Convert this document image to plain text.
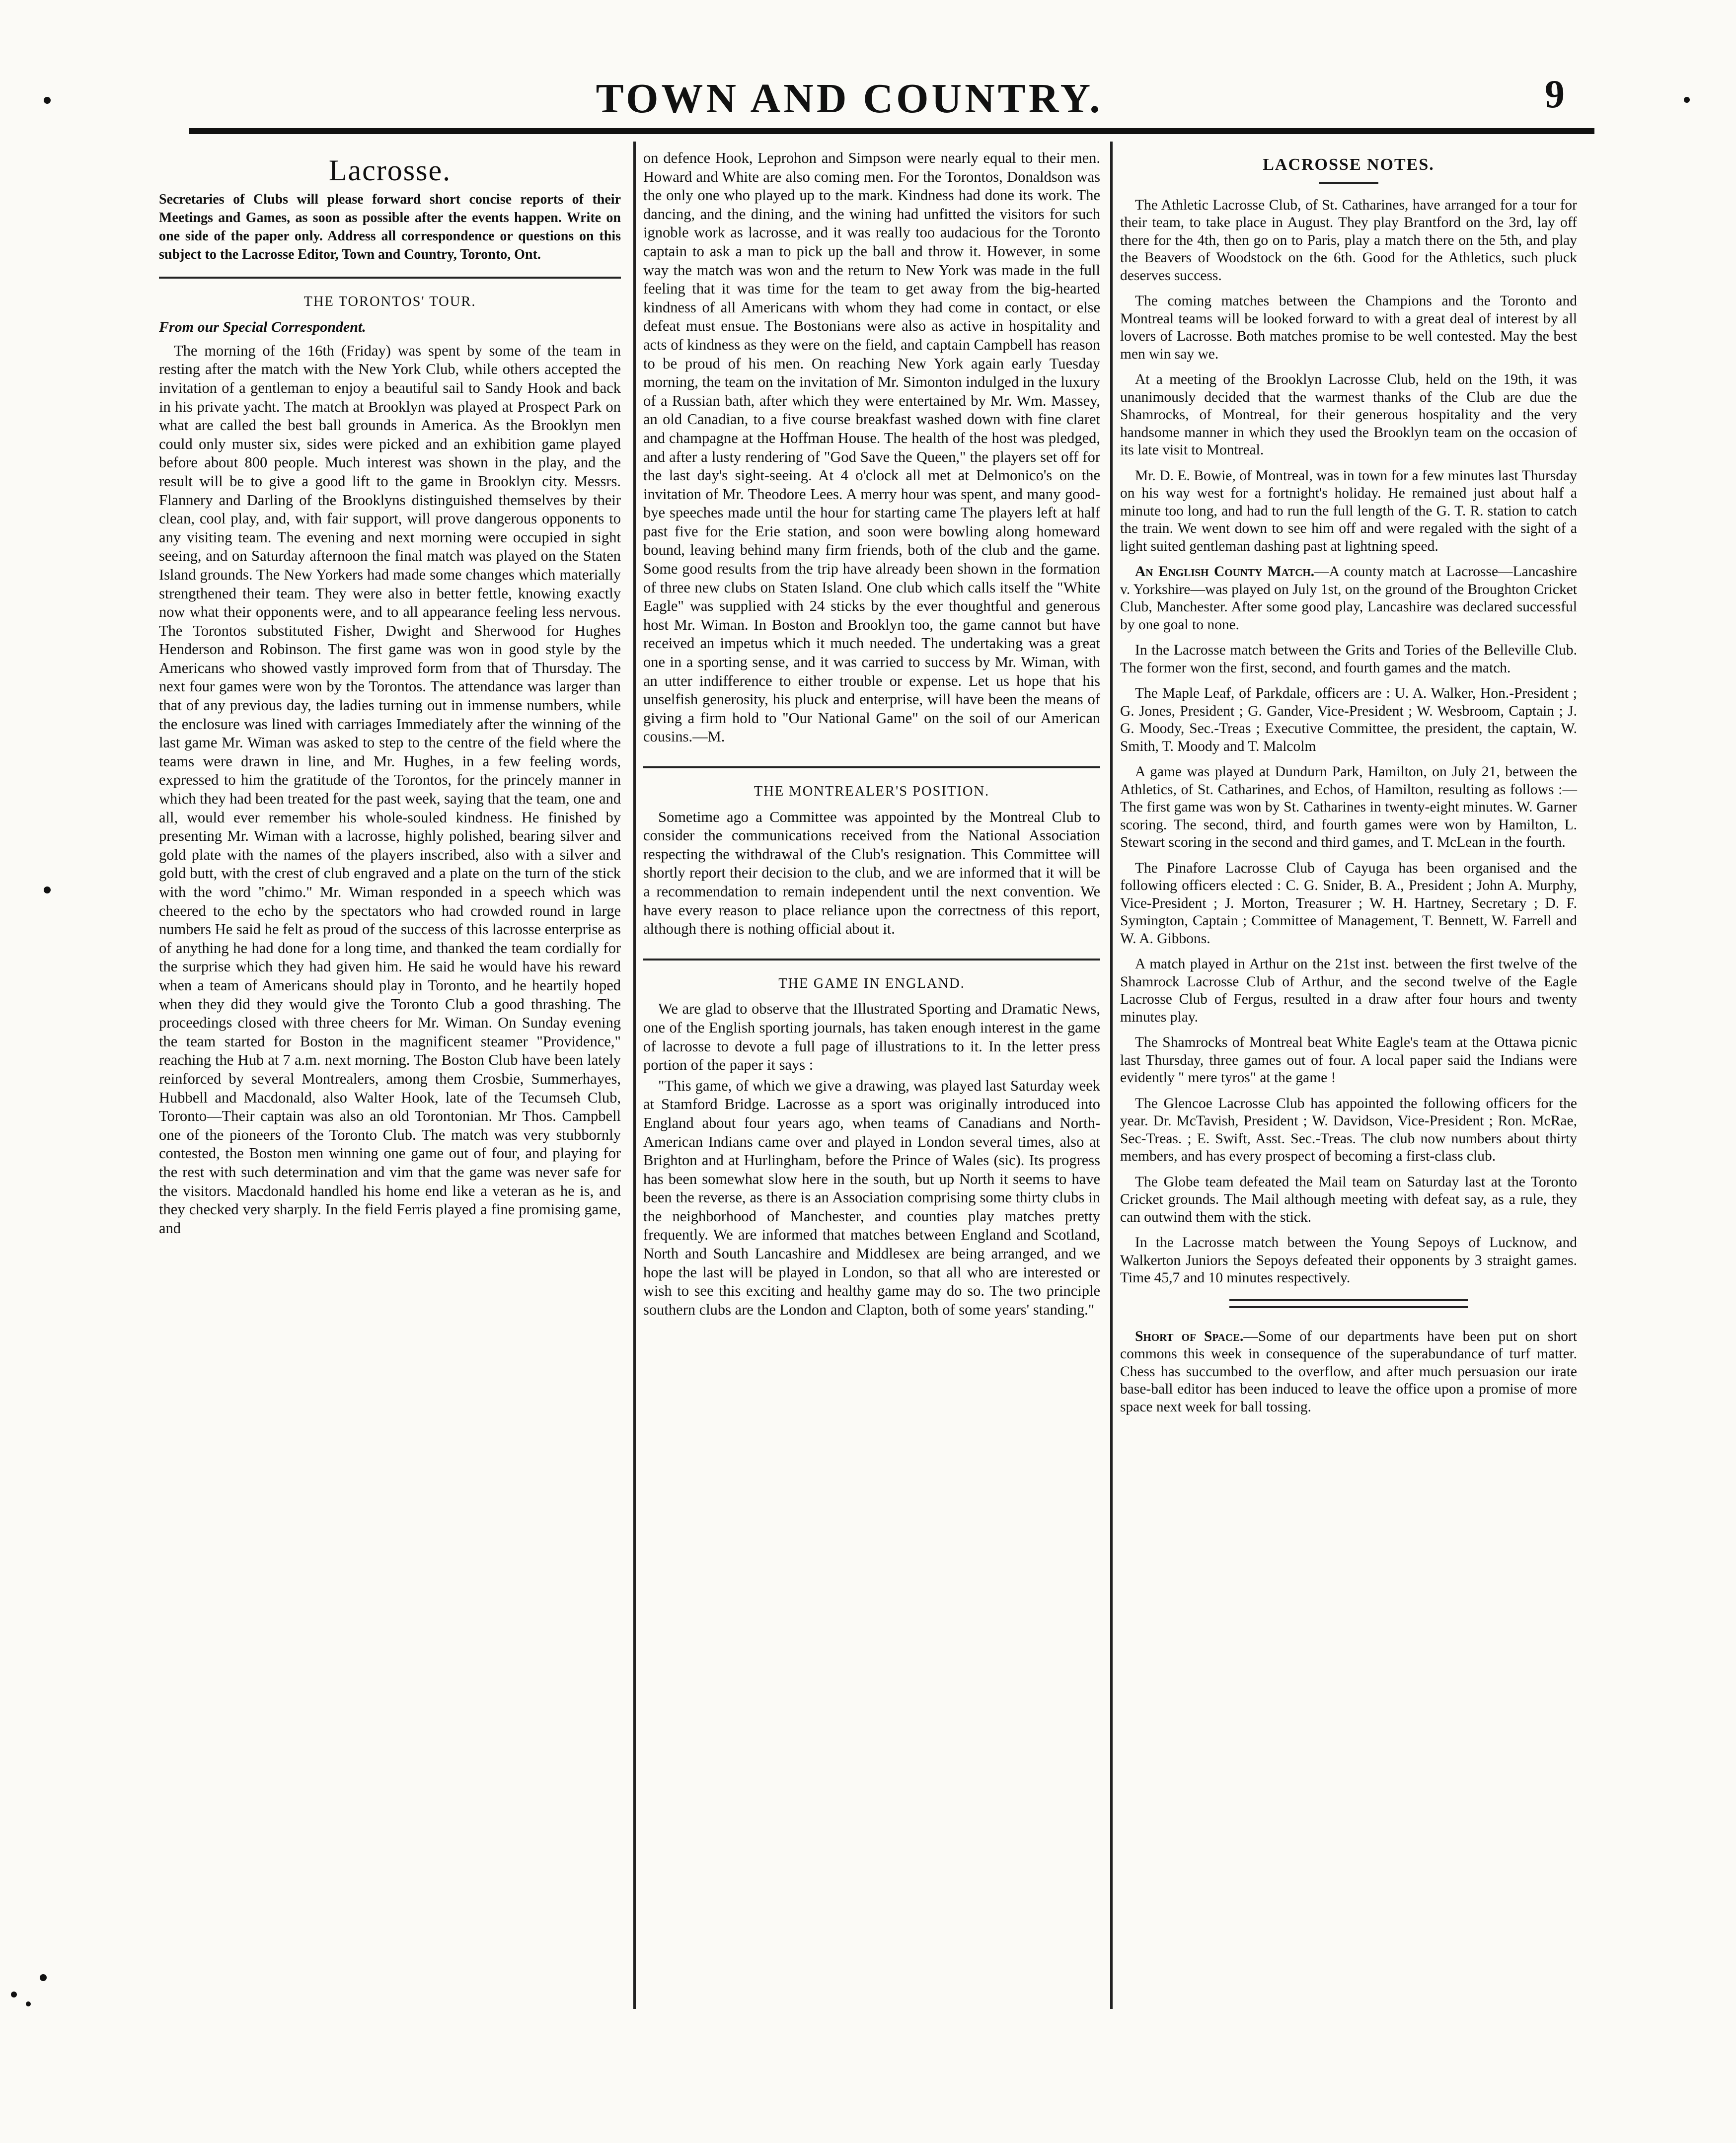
TOWN AND COUNTRY.	9
Lacrosse.
Secretaries of Clubs will please forward short concise reports of their Meetings and Games, as soon as possible after the events happen. Write on one side of the paper only. Address all correspondence or questions on this subject to the Lacrosse Editor, Town and Country, Toronto, Ont.
THE TORONTOS' TOUR.
From our Special Correspondent.

The morning of the 16th (Friday) was spent by some of the team in resting after the match with the New York Club, while others accepted the invitation of a gentleman to enjoy a beautiful sail to Sandy Hook and back in his private yacht. The match at Brooklyn was played at Prospect Park on what are called the best ball grounds in America. As the Brooklyn men could only muster six, sides were picked and an exhibition game played before about 800 people. Much interest was shown in the play, and the result will be to give a good lift to the game in Brooklyn city. Messrs. Flannery and Darling of the Brooklyns distinguished themselves by their clean, cool play, and, with fair support, will prove dangerous opponents to any visiting team. The evening and next morning were occupied in sight seeing, and on Saturday afternoon the final match was played on the Staten Island grounds. The New Yorkers had made some changes which materially strengthened their team. They were also in better fettle, knowing exactly now what their opponents were, and to all appearance feeling less nervous. The Torontos substituted Fisher, Dwight and Sherwood for Hughes Henderson and Robinson. The first game was won in good style by the Americans who showed vastly improved form from that of Thursday. The next four games were won by the Torontos. The attendance was larger than that of any previous day, the ladies turning out in immense numbers, while the enclosure was lined with carriages Immediately after the winning of the last game Mr. Wiman was asked to step to the centre of the field where the teams were drawn in line, and Mr. Hughes, in a few feeling words, expressed to him the gratitude of the Torontos, for the princely manner in which they had been treated for the past week, saying that the team, one and all, would ever remember his whole-souled kindness. He finished by presenting Mr. Wiman with a lacrosse, highly polished, bearing silver and gold plate with the names of the players inscribed, also with a silver and gold butt, with the crest of club engraved and a plate on the turn of the stick with the word "chimo." Mr. Wiman responded in a speech which was cheered to the echo by the spectators who had crowded round in large numbers He said he felt as proud of the success of this lacrosse enterprise as of anything he had done for a long time, and thanked the team cordially for the surprise which they had given him. He said he would have his reward when a team of Americans should play in Toronto, and he heartily hoped when they did they would give the Toronto Club a good thrashing. The proceedings closed with three cheers for Mr. Wiman. On Sunday evening the team started for Boston in the magnificent steamer "Providence," reaching the Hub at 7 a.m. next morning. The Boston Club have been lately reinforced by several Montrealers, among them Crosbie, Summerhayes, Hubbell and Macdonald, also Walter Hook, late of the Tecumseh Club, Toronto—Their captain was also an old Torontonian. Mr Thos. Campbell one of the pioneers of the Toronto Club. The match was very stubbornly contested, the Boston men winning one game out of four, and playing for the rest with such determination and vim that the game was never safe for the visitors. Macdonald handled his home end like a veteran as he is, and they checked very sharply. In the field Ferris played a fine promising game, and

on defence Hook, Leprohon and Simpson were nearly equal to their men. Howard and White are also coming men. For the Torontos, Donaldson was the only one who played up to the mark. Kindness had done its work. The dancing, and the dining, and the wining had unfitted the visitors for such ignoble work as lacrosse, and it was really too audacious for the Toronto captain to ask a man to pick up the ball and throw it. However, in some way the match was won and the return to New York was made in the full feeling that it was time for the team to get away from the big-hearted kindness of all Americans with whom they had come in contact, or else defeat must ensue. The Bostonians were also as active in hospitality and acts of kindness as they were on the field, and captain Campbell has reason to be proud of his men. On reaching New York again early Tuesday morning, the team on the invitation of Mr. Simonton indulged in the luxury of a Russian bath, after which they were entertained by Mr. Wm. Massey, an old Canadian, to a five course breakfast washed down with fine claret and champagne at the Hoffman House. The health of the host was pledged, and after a lusty rendering of "God Save the Queen," the players set off for the last day's sight-seeing. At 4 o'clock all met at Delmonico's on the invitation of Mr. Theodore Lees. A merry hour was spent, and many good-bye speeches made until the hour for starting came The players left at half past five for the Erie station, and soon were bowling along homeward bound, leaving behind many firm friends, both of the club and the game. Some good results from the trip have already been shown in the formation of three new clubs on Staten Island. One club which calls itself the "White Eagle" was supplied with 24 sticks by the ever thoughtful and generous host Mr. Wiman. In Boston and Brooklyn too, the game cannot but have received an impetus which it much needed. The undertaking was a great one in a sporting sense, and it was carried to success by Mr. Wiman, with an utter indifference to either trouble or expense. Let us hope that his unselfish generosity, his pluck and enterprise, will have been the means of giving a firm hold to "Our National Game" on the soil of our American cousins.—M.

THE MONTREALER'S POSITION.

Sometime ago a Committee was appointed by the Montreal Club to consider the communications received from the National Association respecting the withdrawal of the Club's resignation. This Committee will shortly report their decision to the club, and we are informed that it will be a recommendation to remain independent until the next convention. We have every reason to place reliance upon the correctness of this report, although there is nothing official about it.

THE GAME IN ENGLAND.

We are glad to observe that the Illustrated Sporting and Dramatic News, one of the English sporting journals, has taken enough interest in the game of lacrosse to devote a full page of illustrations to it. In the letter press portion of the paper it says :

"This game, of which we give a drawing, was played last Saturday week at Stamford Bridge. Lacrosse as a sport was originally introduced into England about four years ago, when teams of Canadians and North-American Indians came over and played in London several times, also at Brighton and at Hurlingham, before the Prince of Wales (sic). Its progress has been somewhat slow here in the south, but up North it seems to have been the reverse, as there is an Association comprising some thirty clubs in the neighborhood of Manchester, and counties play matches pretty frequently. We are informed that matches between England and Scotland, North and South Lancashire and Middlesex are being arranged, and we hope the last will be played in London, so that all who are interested or wish to see this exciting and healthy game may do so. The two principle southern clubs are the London and Clapton, both of some years' standing."

LACROSSE NOTES.

The Athletic Lacrosse Club, of St. Catharines, have arranged for a tour for their team, to take place in August. They play Brantford on the 3rd, lay off there for the 4th, then go on to Paris, play a match there on the 5th, and play the Beavers of Woodstock on the 6th. Good for the Athletics, such pluck deserves success.

The coming matches between the Champions and the Toronto and Montreal teams will be looked forward to with a great deal of interest by all lovers of Lacrosse. Both matches promise to be well contested. May the best men win say we.

At a meeting of the Brooklyn Lacrosse Club, held on the 19th, it was unanimously decided that the warmest thanks of the Club are due the Shamrocks, of Montreal, for their generous hospitality and the very handsome manner in which they used the Brooklyn team on the occasion of its late visit to Montreal.

Mr. D. E. Bowie, of Montreal, was in town for a few minutes last Thursday on his way west for a fortnight's holiday. He remained just about half a minute too long, and had to run the full length of the G. T. R. station to catch the train. We went down to see him off and were regaled with the sight of a light suited gentleman dashing past at lightning speed.

An English County Match.—A county match at Lacrosse—Lancashire v. Yorkshire—was played on July 1st, on the ground of the Broughton Cricket Club, Manchester. After some good play, Lancashire was declared successful by one goal to none.

In the Lacrosse match between the Grits and Tories of the Belleville Club. The former won the first, second, and fourth games and the match.

The Maple Leaf, of Parkdale, officers are : U. A. Walker, Hon.-President ; G. Jones, President ; G. Gander, Vice-President ; W. Wesbroom, Captain ; J. G. Moody, Sec.-Treas ; Executive Committee, the president, the captain, W. Smith, T. Moody and T. Malcolm

A game was played at Dundurn Park, Hamilton, on July 21, between the Athletics, of St. Catharines, and Echos, of Hamilton, resulting as follows :—The first game was won by St. Catharines in twenty-eight minutes. W. Garner scoring. The second, third, and fourth games were won by Hamilton, L. Stewart scoring in the second and third games, and T. McLean in the fourth.

The Pinafore Lacrosse Club of Cayuga has been organised and the following officers elected : C. G. Snider, B. A., President ; John A. Murphy, Vice-President ; J. Morton, Treasurer ; W. H. Hartney, Secretary ; D. F. Symington, Captain ; Committee of Management, T. Bennett, W. Farrell and W. A. Gibbons.

A match played in Arthur on the 21st inst. between the first twelve of the Shamrock Lacrosse Club of Arthur, and the second twelve of the Eagle Lacrosse Club of Fergus, resulted in a draw after four hours and twenty minutes play.

The Shamrocks of Montreal beat White Eagle's team at the Ottawa picnic last Thursday, three games out of four. A local paper said the Indians were evidently " mere tyros" at the game !

The Glencoe Lacrosse Club has appointed the following officers for the year. Dr. McTavish, President ; W. Davidson, Vice-President ; Ron. McRae, Sec-Treas. ; E. Swift, Asst. Sec.-Treas. The club now numbers about thirty members, and has every prospect of becoming a first-class club.

The Globe team defeated the Mail team on Saturday last at the Toronto Cricket grounds. The Mail although meeting with defeat say, as a rule, they can outwind them with the stick.

In the Lacrosse match between the Young Sepoys of Lucknow, and Walkerton Juniors the Sepoys defeated their opponents by 3 straight games. Time 45,7 and 10 minutes respectively.

Short of Space.—Some of our departments have been put on short commons this week in consequence of the superabundance of turf matter. Chess has succumbed to the overflow, and after much persuasion our irate base-ball editor has been induced to leave the office upon a promise of more space next week for ball tossing.
